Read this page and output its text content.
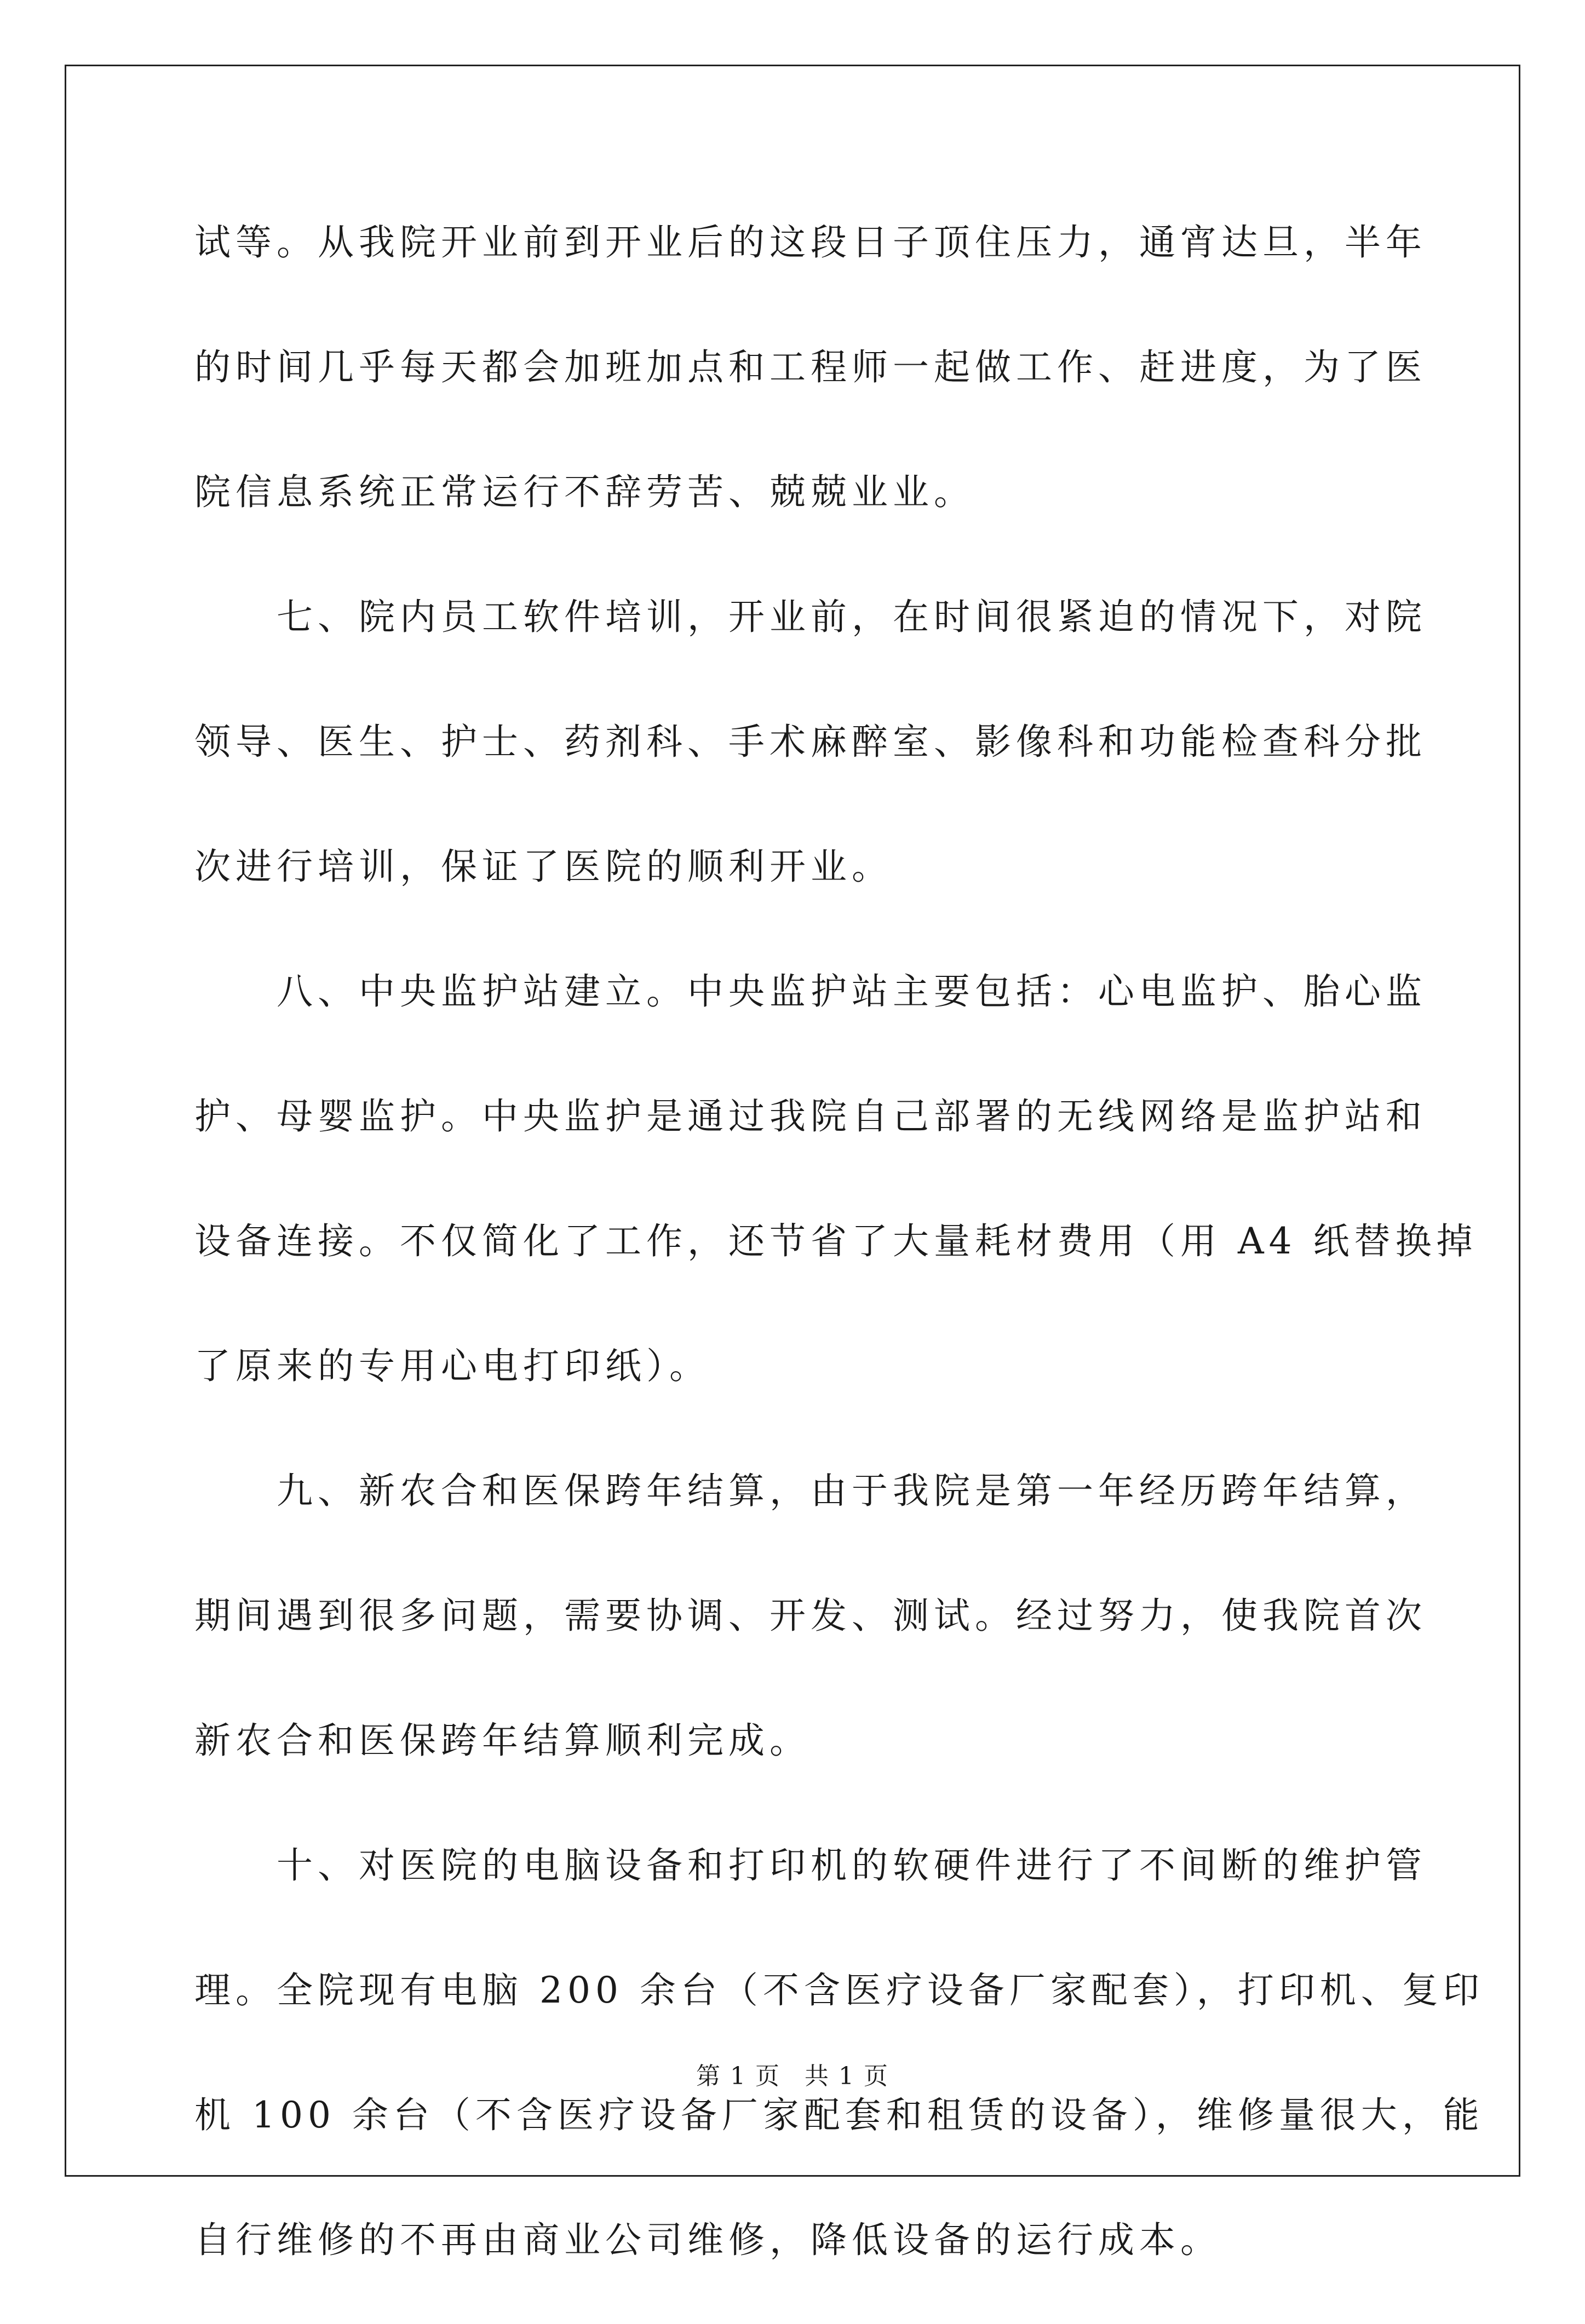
试等。从我院开业前到开业后的这段日子顶住压力，通宵达旦，半年
的时间几乎每天都会加班加点和工程师一起做工作、赶进度，为了医
院信息系统正常运行不辞劳苦、兢兢业业。
七、院内员工软件培训，开业前，在时间很紧迫的情况下，对院
领导、医生、护士、药剂科、手术麻醉室、影像科和功能检查科分批
次进行培训，保证了医院的顺利开业。
八、中央监护站建立。中央监护站主要包括：心电监护、胎心监
护、母婴监护。中央监护是通过我院自己部署的无线网络是监护站和
设备连接。不仅简化了工作，还节省了大量耗材费用（用 A4 纸替换掉
了原来的专用心电打印纸）。
九、新农合和医保跨年结算，由于我院是第一年经历跨年结算，
期间遇到很多问题，需要协调、开发、测试。经过努力，使我院首次
新农合和医保跨年结算顺利完成。
十、对医院的电脑设备和打印机的软硬件进行了不间断的维护管
理。全院现有电脑 200 余台（不含医疗设备厂家配套），打印机、复印
机 100 余台（不含医疗设备厂家配套和租赁的设备），维修量很大，能
自行维修的不再由商业公司维修，降低设备的运行成本。
第 1 页 共 1 页
